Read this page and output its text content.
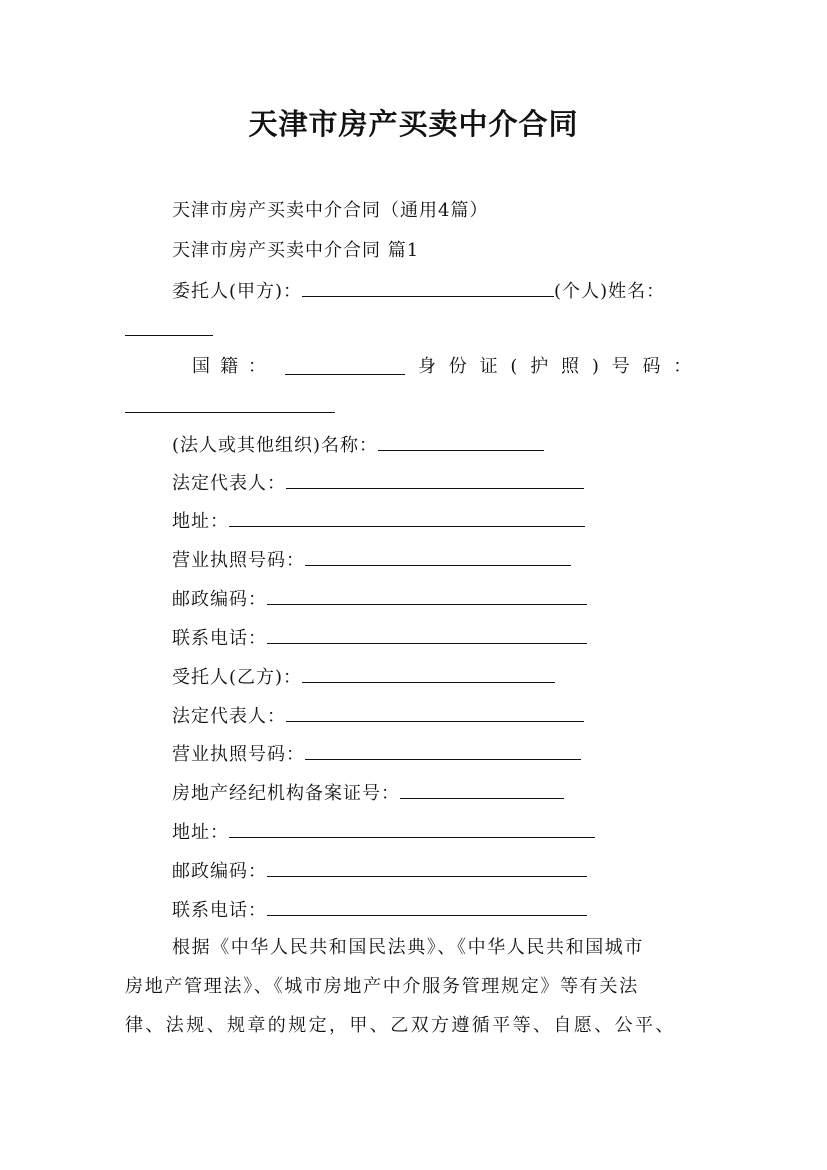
天津市房产买卖中介合同
天津市房产买卖中介合同（通用4篇）
天津市房产买卖中介合同 篇1
委托人(甲方)：	(个人)姓名：
国籍：	身份证(护照)号码：
(法人或其他组织)名称：
法定代表人：
地址：
营业执照号码：
邮政编码：
联系电话：
受托人(乙方)：
法定代表人：
营业执照号码：
房地产经纪机构备案证号：
地址：
邮政编码：
联系电话：
根据《中华人民共和国民法典》、《中华人民共和国城市
房地产管理法》、《城市房地产中介服务管理规定》等有关法
律、法规、规章的规定，甲、乙双方遵循平等、自愿、公平、
